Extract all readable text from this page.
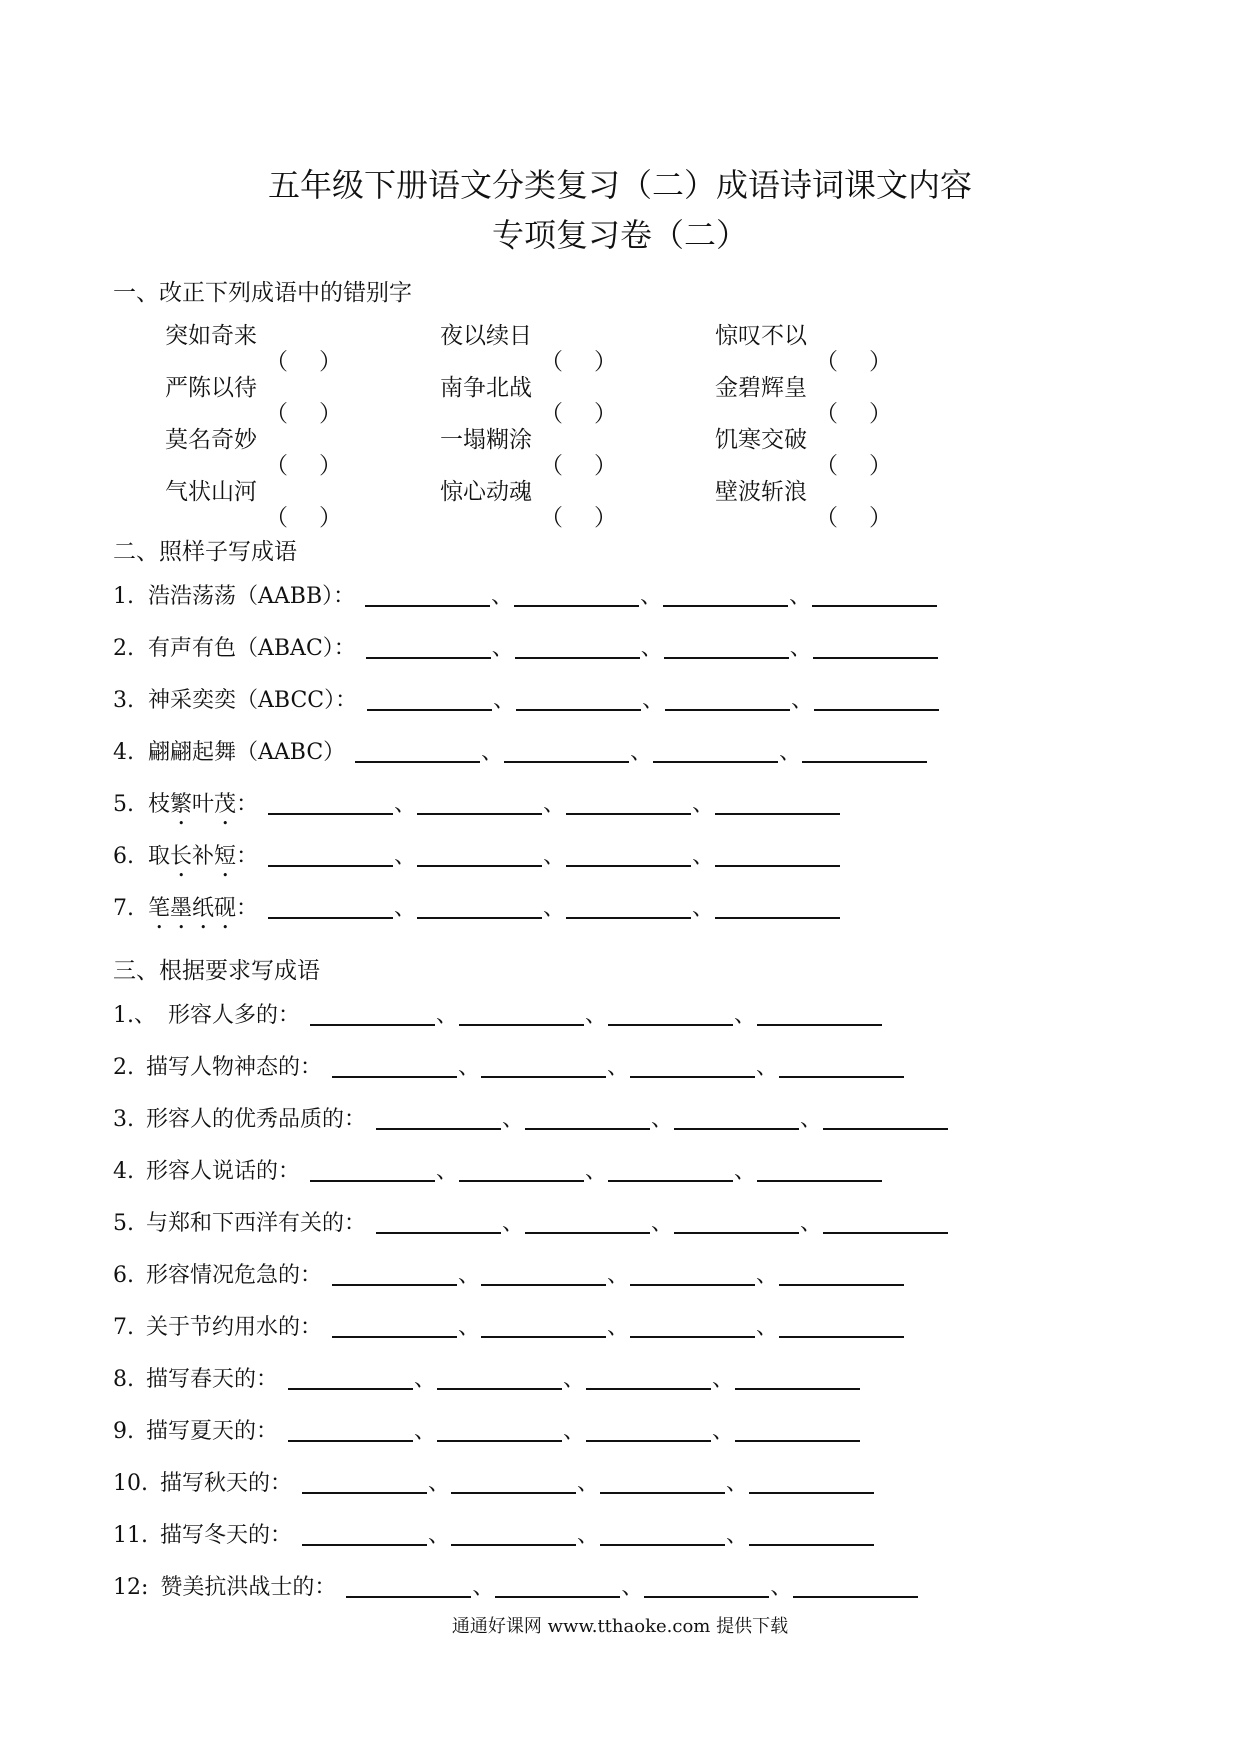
五年级下册语文分类复习（二）成语诗词课文内容
专项复习卷（二）
一、改正下列成语中的错别字
突如奇来
（ ）
夜以续日
（ ）
惊叹不以
（ ）
严陈以待
（ ）
南争北战
（ ）
金碧辉皇
（ ）
莫名奇妙
（ ）
一塌糊涂
（ ）
饥寒交破
（ ）
气状山河
（ ）
惊心动魂
（ ）
壁波斩浪
（ ）
二、照样子写成语
1. 浩浩荡荡（AABB）：	、	、	、
2. 有声有色（ABAC）：	、	、	、
3. 神采奕奕（ABCC）：	、	、	、
4. 翩翩起舞（AABC）	、	、	、
5. 枝繁叶茂：	、	、	、
6. 取长补短：	、	、	、
7. 笔墨纸砚：	、	、	、
三、根据要求写成语
1.、 形容人多的：	、	、	、
2. 描写人物神态的：	、	、	、
3. 形容人的优秀品质的：	、	、	、
4. 形容人说话的：	、	、	、
5. 与郑和下西洋有关的：	、	、	、
6. 形容情况危急的：	、	、	、
7. 关于节约用水的：	、	、	、
8. 描写春天的：	、	、	、
9. 描写夏天的：	、	、	、
10. 描写秋天的：	、	、	、
11. 描写冬天的：	、	、	、
12: 赞美抗洪战士的：	、	、	、
通通好课网 www.tthaoke.com 提供下载
